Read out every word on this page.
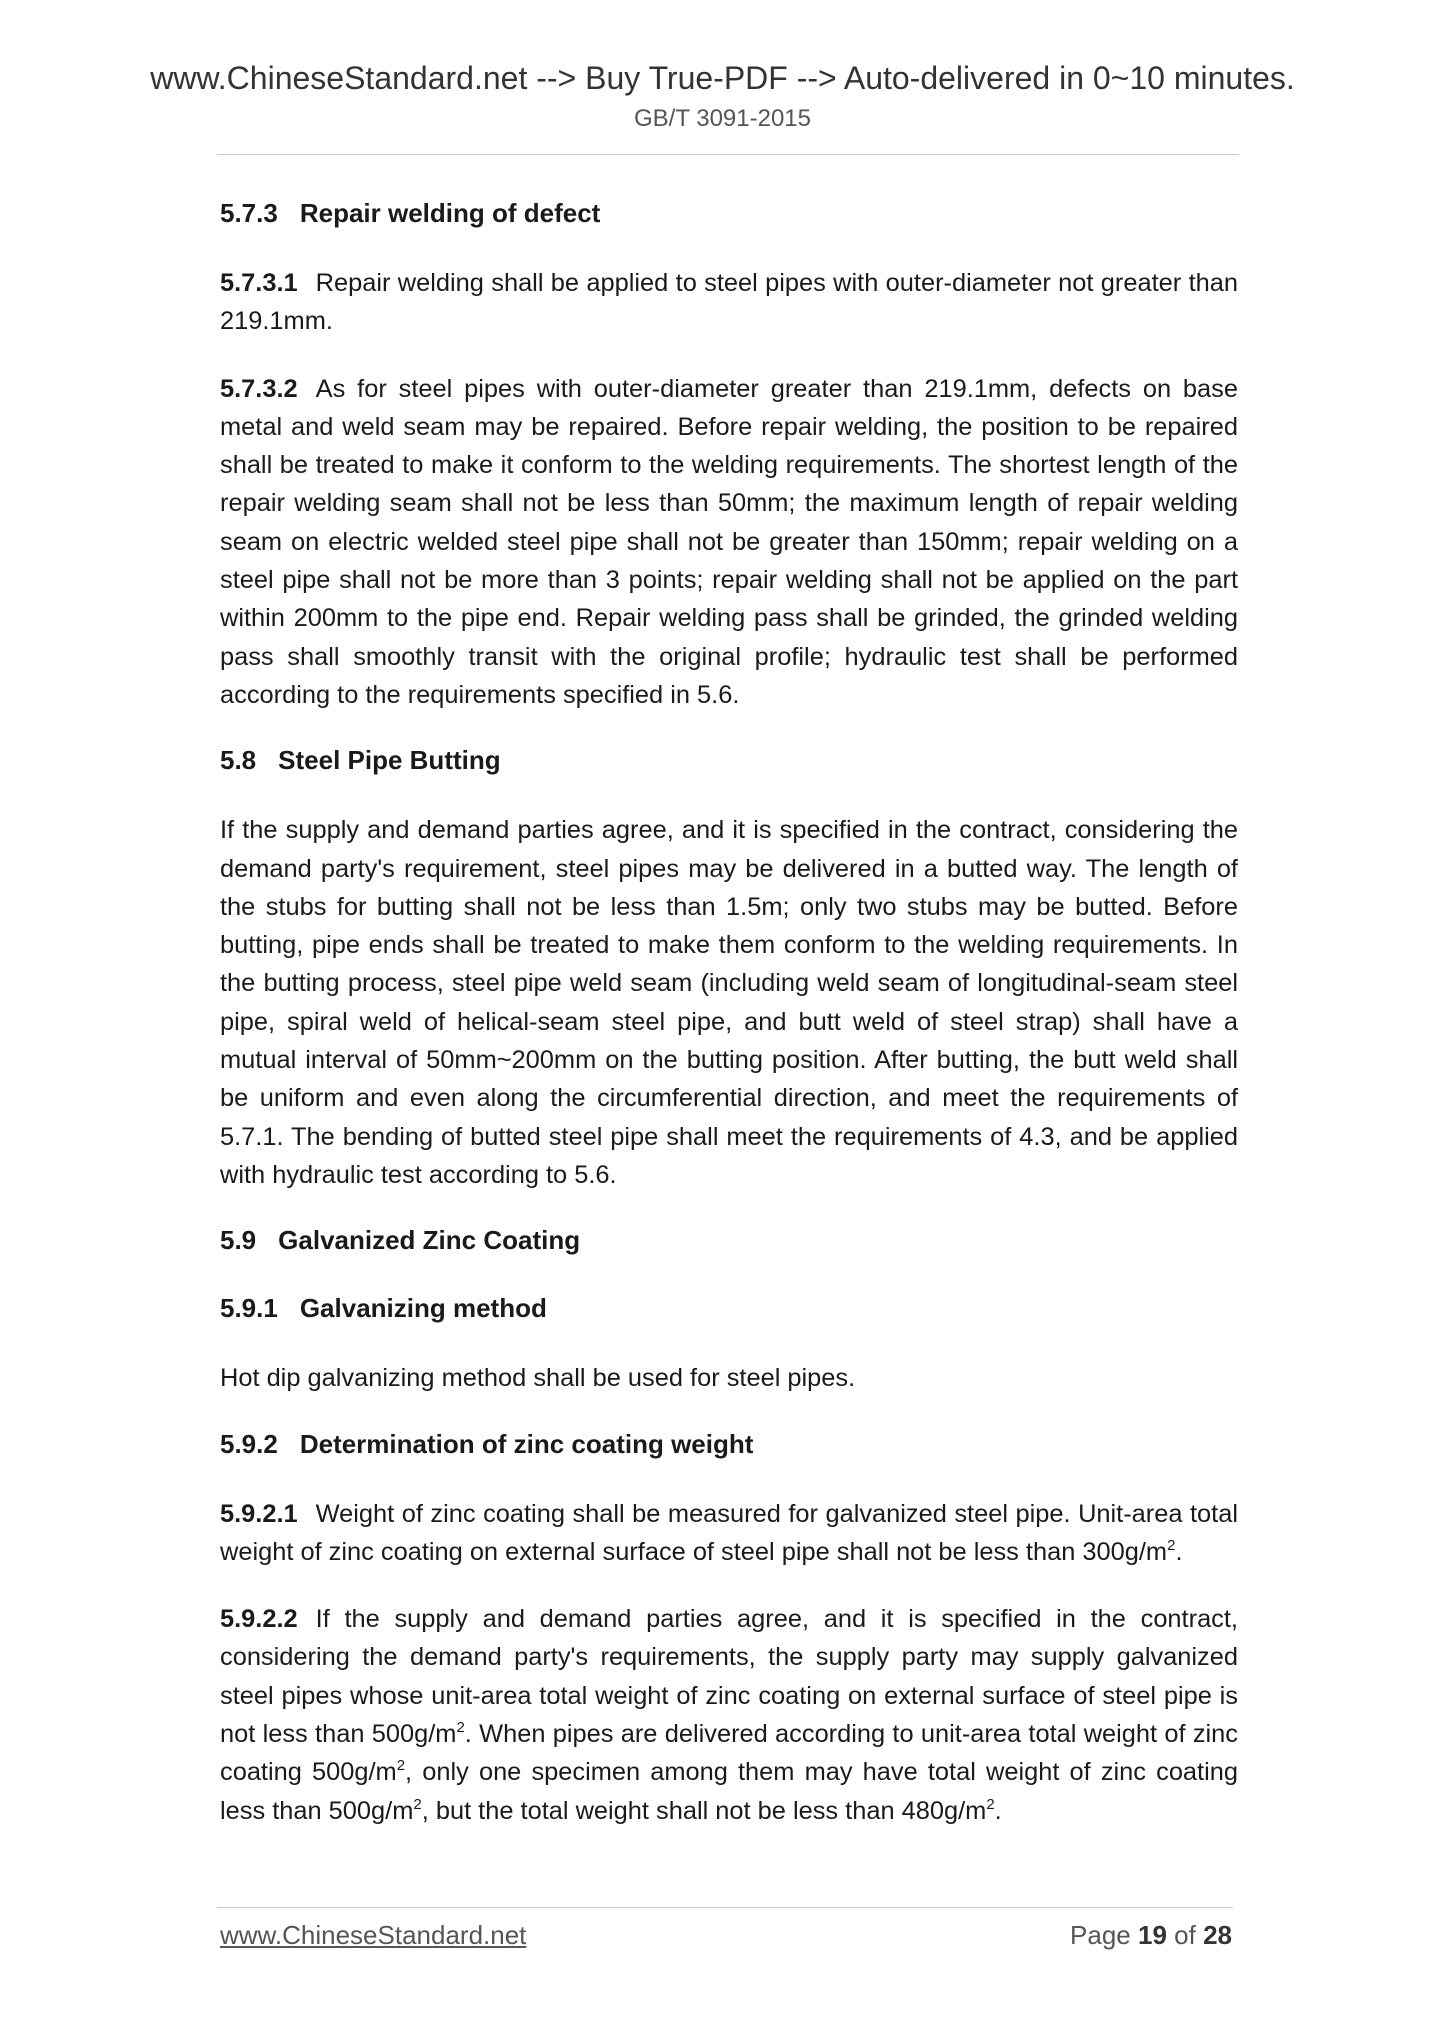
www.ChineseStandard.net --> Buy True-PDF --> Auto-delivered in 0~10 minutes.
GB/T 3091-2015
5.7.3 Repair welding of defect

5.7.3.1 Repair welding shall be applied to steel pipes with outer-diameter not greater than 219.1mm.

5.7.3.2 As for steel pipes with outer-diameter greater than 219.1mm, defects on base metal and weld seam may be repaired. Before repair welding, the position to be repaired shall be treated to make it conform to the welding requirements. The shortest length of the repair welding seam shall not be less than 50mm; the maximum length of repair welding seam on electric welded steel pipe shall not be greater than 150mm; repair welding on a steel pipe shall not be more than 3 points; repair welding shall not be applied on the part within 200mm to the pipe end. Repair welding pass shall be grinded, the grinded welding pass shall smoothly transit with the original profile; hydraulic test shall be performed according to the requirements specified in 5.6.

5.8 Steel Pipe Butting

If the supply and demand parties agree, and it is specified in the contract, considering the demand party's requirement, steel pipes may be delivered in a butted way. The length of the stubs for butting shall not be less than 1.5m; only two stubs may be butted. Before butting, pipe ends shall be treated to make them conform to the welding requirements. In the butting process, steel pipe weld seam (including weld seam of longitudinal-seam steel pipe, spiral weld of helical-seam steel pipe, and butt weld of steel strap) shall have a mutual interval of 50mm~200mm on the butting position. After butting, the butt weld shall be uniform and even along the circumferential direction, and meet the requirements of 5.7.1. The bending of butted steel pipe shall meet the requirements of 4.3, and be applied with hydraulic test according to 5.6.

5.9 Galvanized Zinc Coating
5.9.1 Galvanizing method

Hot dip galvanizing method shall be used for steel pipes.

5.9.2 Determination of zinc coating weight

5.9.2.1 Weight of zinc coating shall be measured for galvanized steel pipe. Unit-area total weight of zinc coating on external surface of steel pipe shall not be less than $300g/m^2$.

5.9.2.2 If the supply and demand parties agree, and it is specified in the contract, considering the demand party's requirements, the supply party may supply galvanized steel pipes whose unit-area total weight of zinc coating on external surface of steel pipe is not less than $500g/m^2$. When pipes are delivered according to unit-area total weight of zinc coating $500g/m^2$, only one specimen among them may have total weight of zinc coating less than $500g/m^2$, but the total weight shall not be less than $480g/m^2$.

www.ChineseStandard.net	Page 19 of 28
